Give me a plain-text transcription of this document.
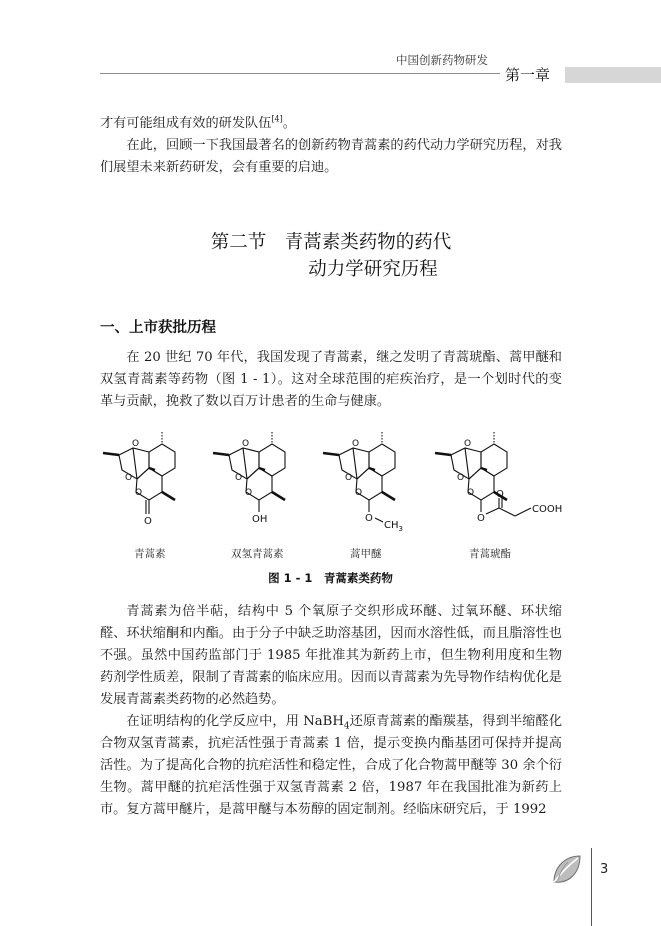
中国创新药物研发
第一章

才有可能组成有效的研发队伍[4]。

在此，回顾一下我国最著名的创新药物青蒿素的药代动力学研究历程，对我们展望未来新药研发，会有重要的启迪。

第二节　青蒿素类药物的药代
动力学研究历程
一、上市获批历程

在 20 世纪 70 年代，我国发现了青蒿素，继之发明了青蒿琥酯、蒿甲醚和双氢青蒿素等药物（图 1 - 1）。这对全球范围的疟疾治疗，是一个划时代的变革与贡献，挽救了数以百万计患者的生命与健康。

O
O
O
O
O
O
O
O
O
O
O
O
O	OH	O
$CH_3$
O
O
COOH
青蒿素	双氢青蒿素	蒿甲醚	青蒿琥酯
图 1 - 1　青蒿素类药物

青蒿素为倍半萜，结构中 5 个氧原子交织形成环醚、过氧环醚、环状缩醛、环状缩酮和内酯。由于分子中缺乏助溶基团，因而水溶性低，而且脂溶性也不强。虽然中国药监部门于 1985 年批准其为新药上市，但生物利用度和生物药剂学性质差，限制了青蒿素的临床应用。因而以青蒿素为先导物作结构优化是发展青蒿素类药物的必然趋势。

在证明结构的化学反应中，用 NaBH$_4$还原青蒿素的酯羰基，得到半缩醛化合物双氢青蒿素，抗疟活性强于青蒿素 1 倍，提示变换内酯基团可保持并提高活性。为了提高化合物的抗疟活性和稳定性，合成了化合物蒿甲醚等 30 余个衍生物。蒿甲醚的抗疟活性强于双氢青蒿素 2 倍，1987 年在我国批准为新药上市。复方蒿甲醚片，是蒿甲醚与本芴醇的固定制剂。经临床研究后，于 1992

3
